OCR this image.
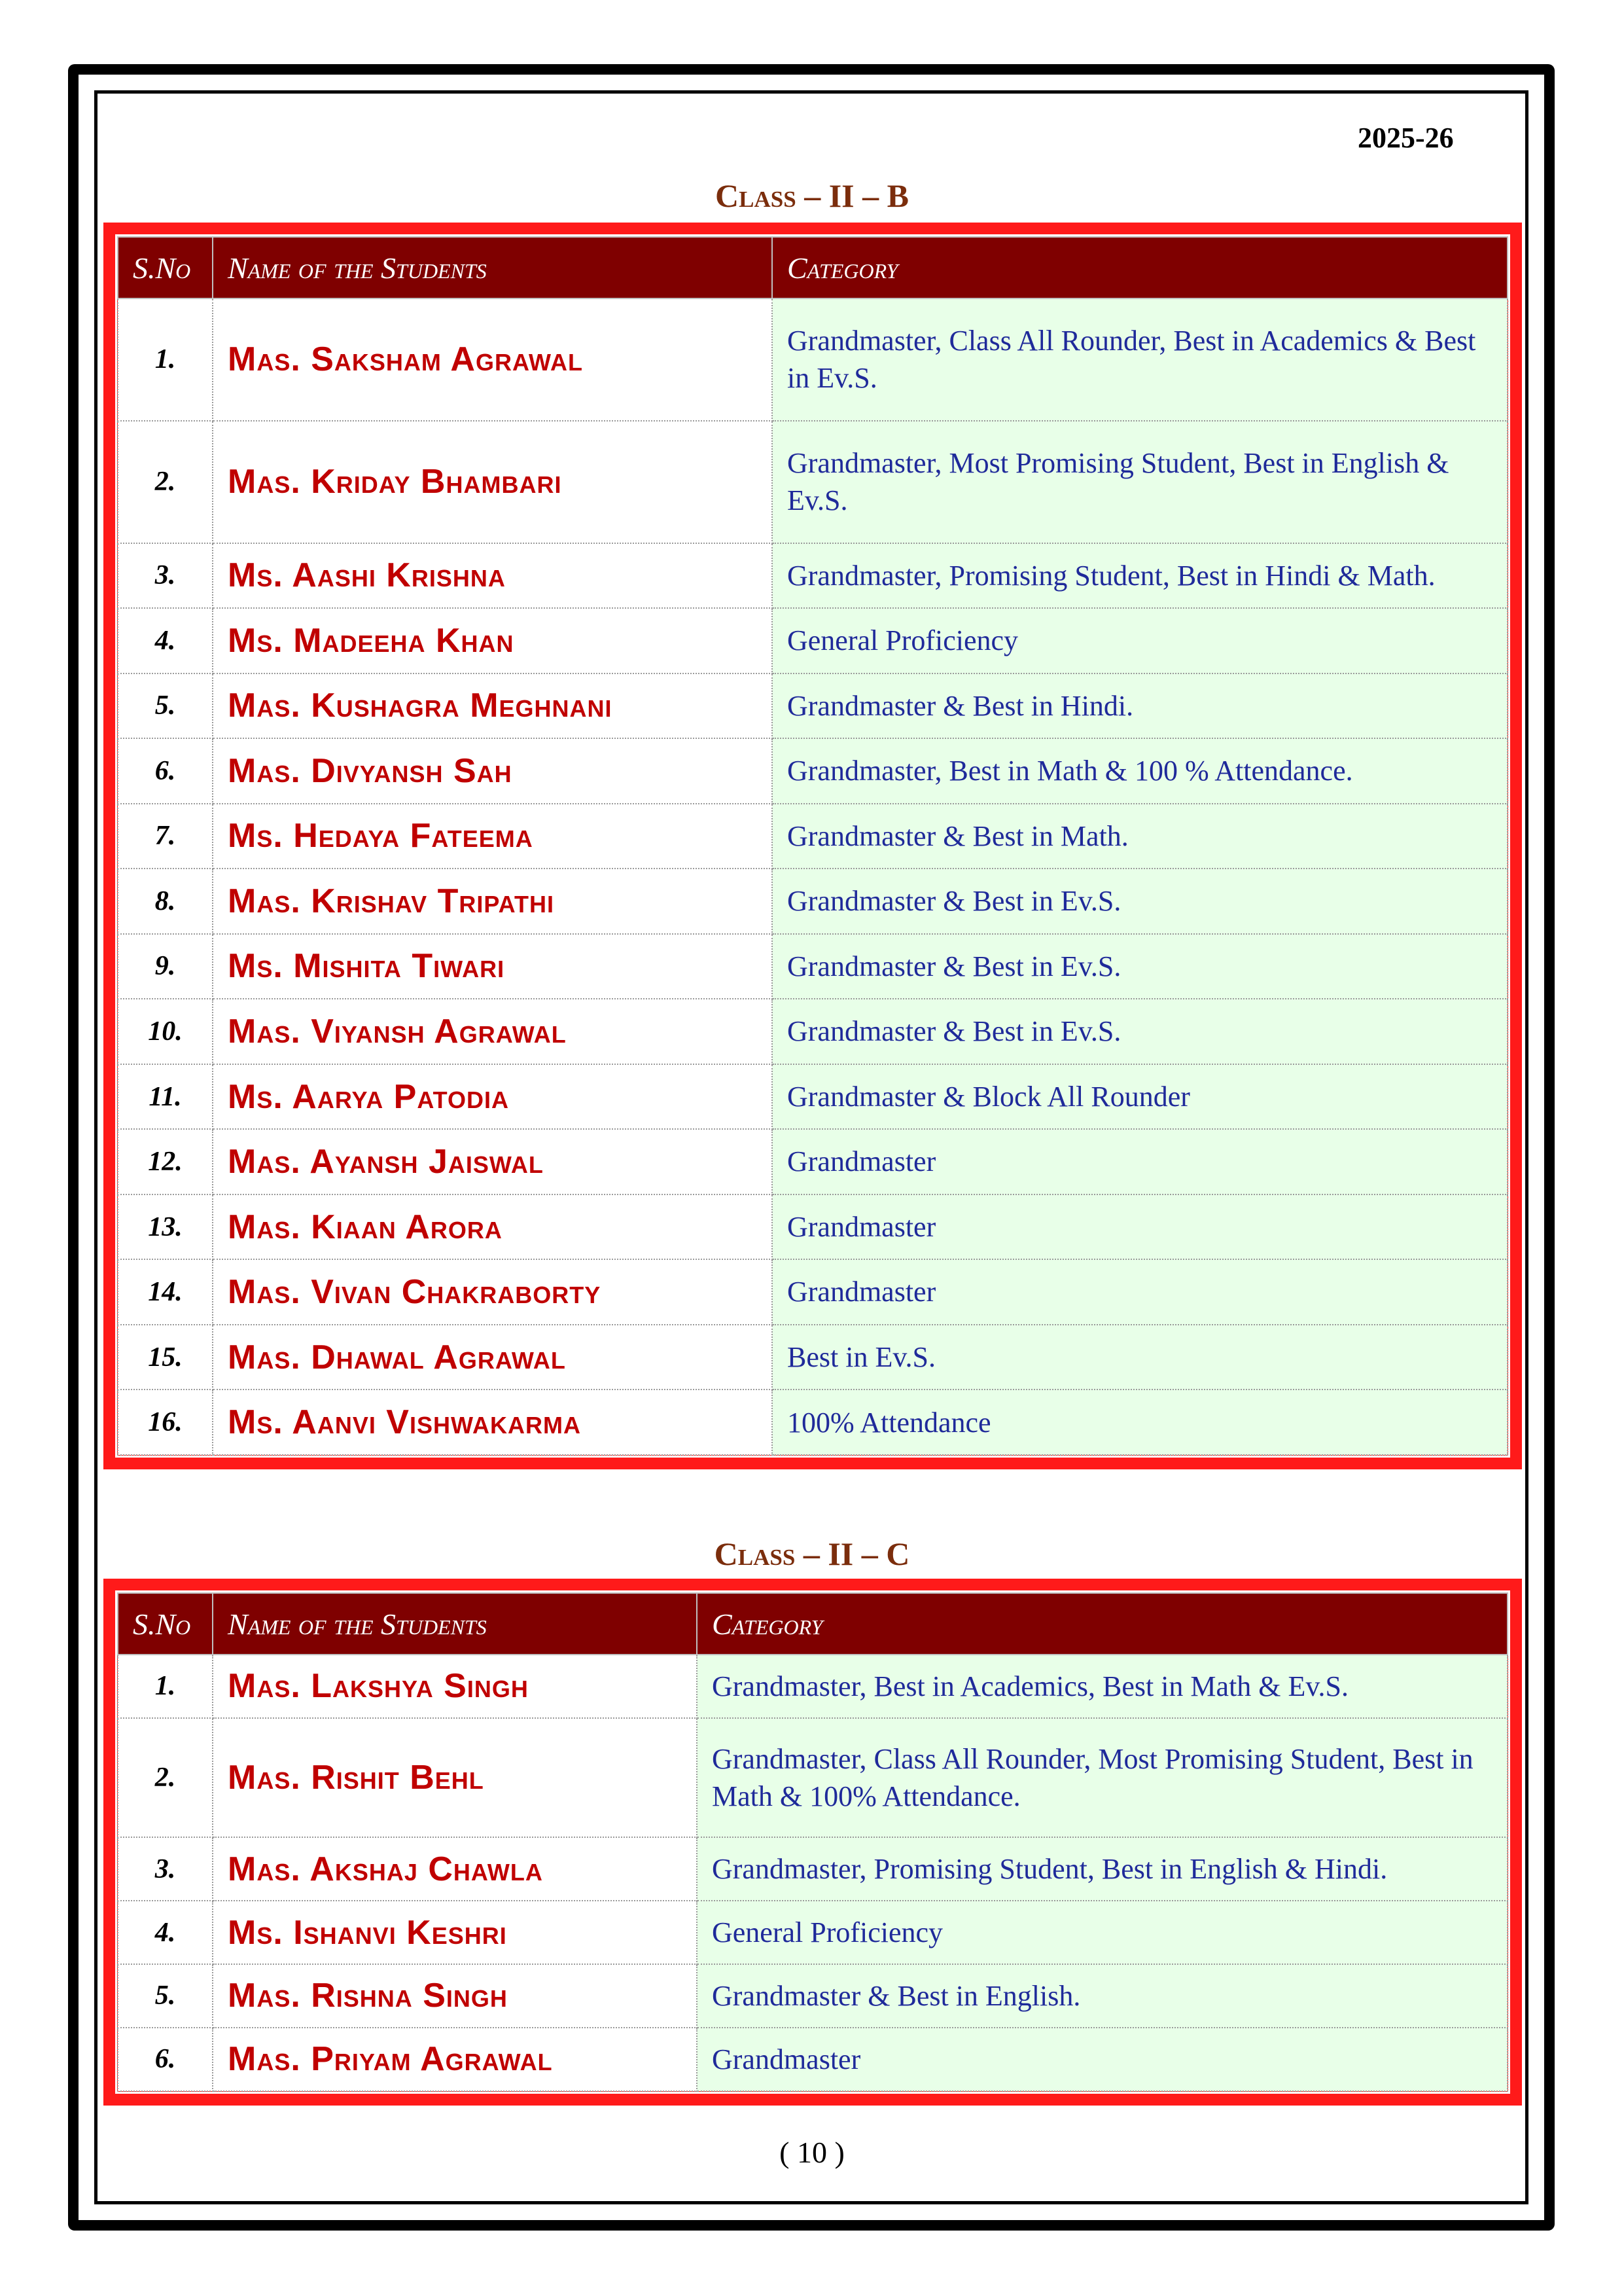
2025-26
Class – II – B
S.No	Name of the Students	Category
1.	Mas. Saksham Agrawal	Grandmaster, Class All Rounder, Best in Academics & Best in Ev.S.
2.	Mas. Kriday Bhambari	Grandmaster, Most Promising Student, Best in English & Ev.S.
3.	Ms. Aashi Krishna	Grandmaster, Promising Student, Best in Hindi & Math.
4.	Ms. Madeeha Khan	General Proficiency
5.	Mas. Kushagra Meghnani	Grandmaster & Best in Hindi.
6.	Mas. Divyansh Sah	Grandmaster, Best in Math & 100 % Attendance.
7.	Ms. Hedaya Fateema	Grandmaster & Best in Math.
8.	Mas. Krishav Tripathi	Grandmaster & Best in Ev.S.
9.	Ms. Mishita Tiwari	Grandmaster & Best in Ev.S.
10.	Mas. Viyansh Agrawal	Grandmaster & Best in Ev.S.
11.	Ms. Aarya Patodia	Grandmaster & Block All Rounder
12.	Mas. Ayansh Jaiswal	Grandmaster
13.	Mas. Kiaan Arora	Grandmaster
14.	Mas. Vivan Chakraborty	Grandmaster
15.	Mas. Dhawal Agrawal	Best in Ev.S.
16.	Ms. Aanvi Vishwakarma	100% Attendance
Class – II – C
S.No	Name of the Students	Category
1.	Mas. Lakshya Singh	Grandmaster, Best in Academics, Best in Math & Ev.S.
2.	Mas. Rishit Behl	Grandmaster, Class All Rounder, Most Promising Student, Best in Math & 100% Attendance.
3.	Mas. Akshaj Chawla	Grandmaster, Promising Student, Best in English & Hindi.
4.	Ms. Ishanvi Keshri	General Proficiency
5.	Mas. Rishna Singh	Grandmaster & Best in English.
6.	Mas. Priyam Agrawal	Grandmaster
( 10 )
